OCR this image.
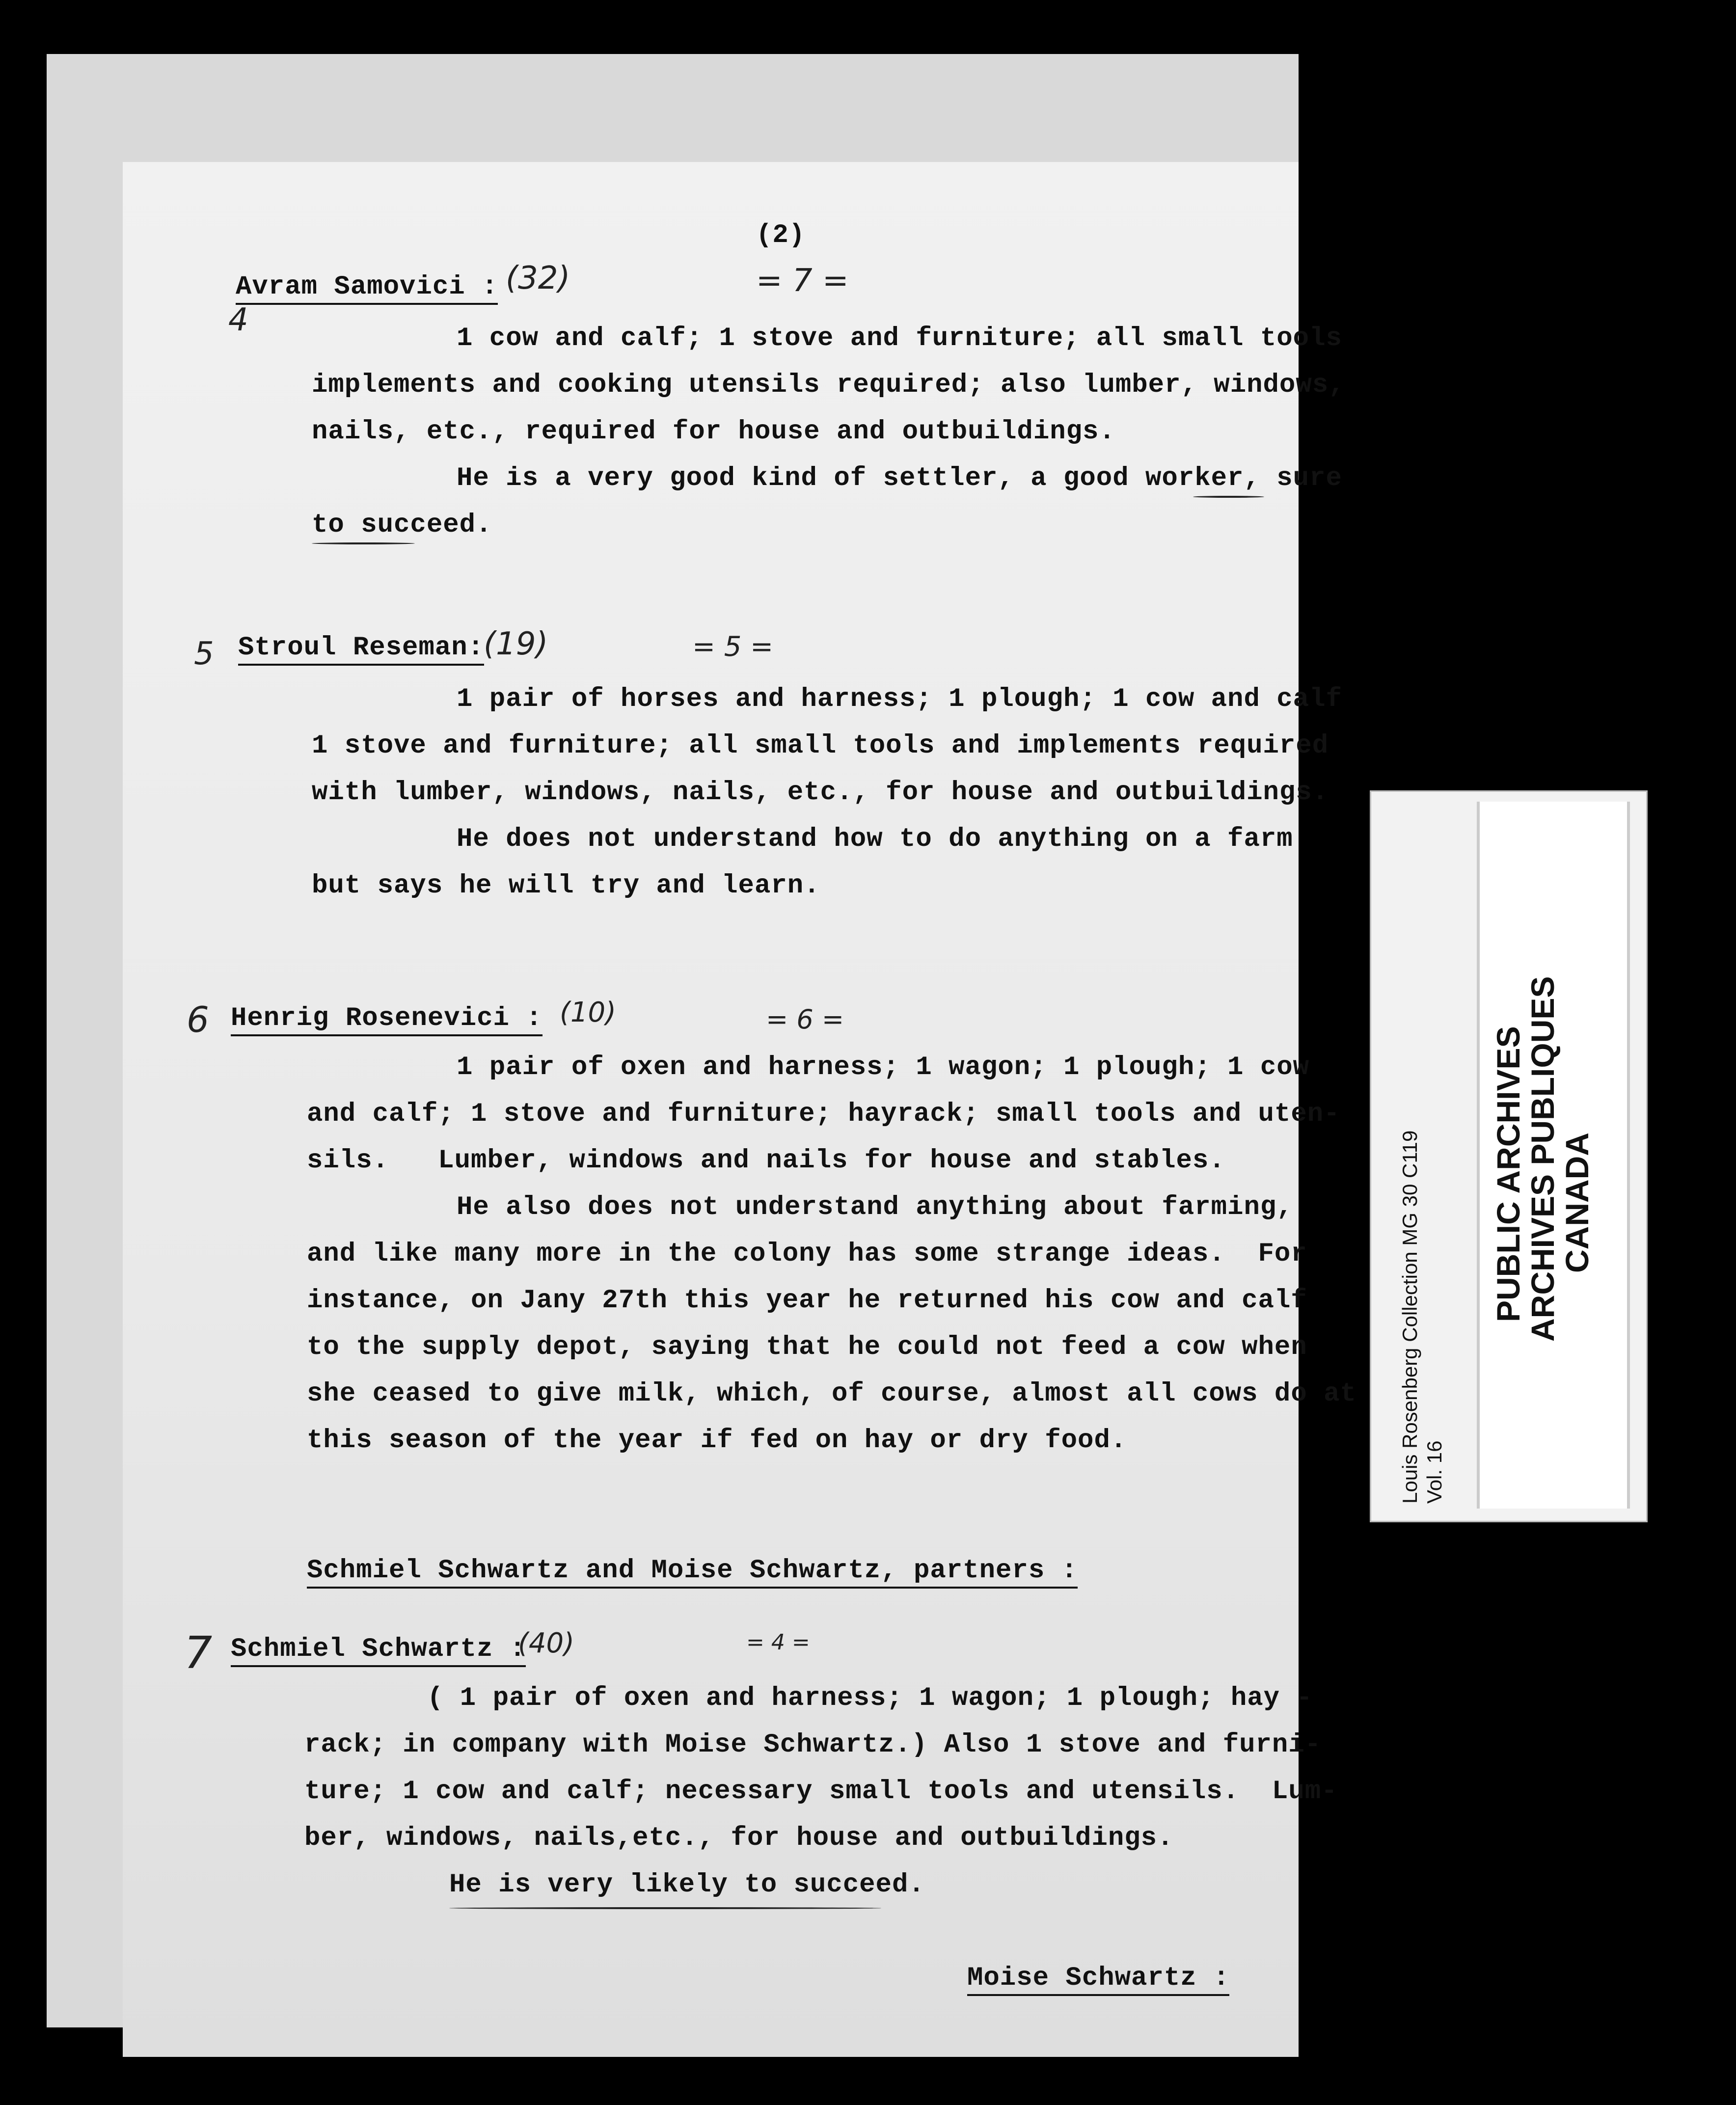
(2)
Avram Samovici :
4
(32)	= 7 =
1 cow and calf; 1 stove and furniture; all small tools
implements and cooking utensils required; also lumber, windows,
nails, etc., required for house and outbuildings.
He is a very good kind of settler, a good worker, sure
to succeed.
Stroul Reseman:
5	(19)	= 5 =
1 pair of horses and harness; 1 plough; 1 cow and calf
1 stove and furniture; all small tools and implements required
with lumber, windows, nails, etc., for house and outbuildings.
He does not understand how to do anything on a farm
but says he will try and learn.
Henrig Rosenevici :
6	(10)	= 6 =
1 pair of oxen and harness; 1 wagon; 1 plough; 1 cow
and calf; 1 stove and furniture; hayrack; small tools and uten-
sils.   Lumber, windows and nails for house and stables.
He also does not understand anything about farming,
and like many more in the colony has some strange ideas.  For
instance, on Jany 27th this year he returned his cow and calf
to the supply depot, saying that he could not feed a cow when
she ceased to give milk, which, of course, almost all cows do at
this season of the year if fed on hay or dry food.
Schmiel Schwartz and Moise Schwartz, partners :
Schmiel Schwartz :
7	(40)	= 4 =
( 1 pair of oxen and harness; 1 wagon; 1 plough; hay -
rack; in company with Moise Schwartz.) Also 1 stove and furni-
ture; 1 cow and calf; necessary small tools and utensils.  Lum-
ber, windows, nails,etc., for house and outbuildings.
He is very likely to succeed.
Moise Schwartz :
Louis Rosenberg Collection MG 30 C119 Vol. 16
PUBLIC ARCHIVES
ARCHIVES PUBLIQUES
CANADA
